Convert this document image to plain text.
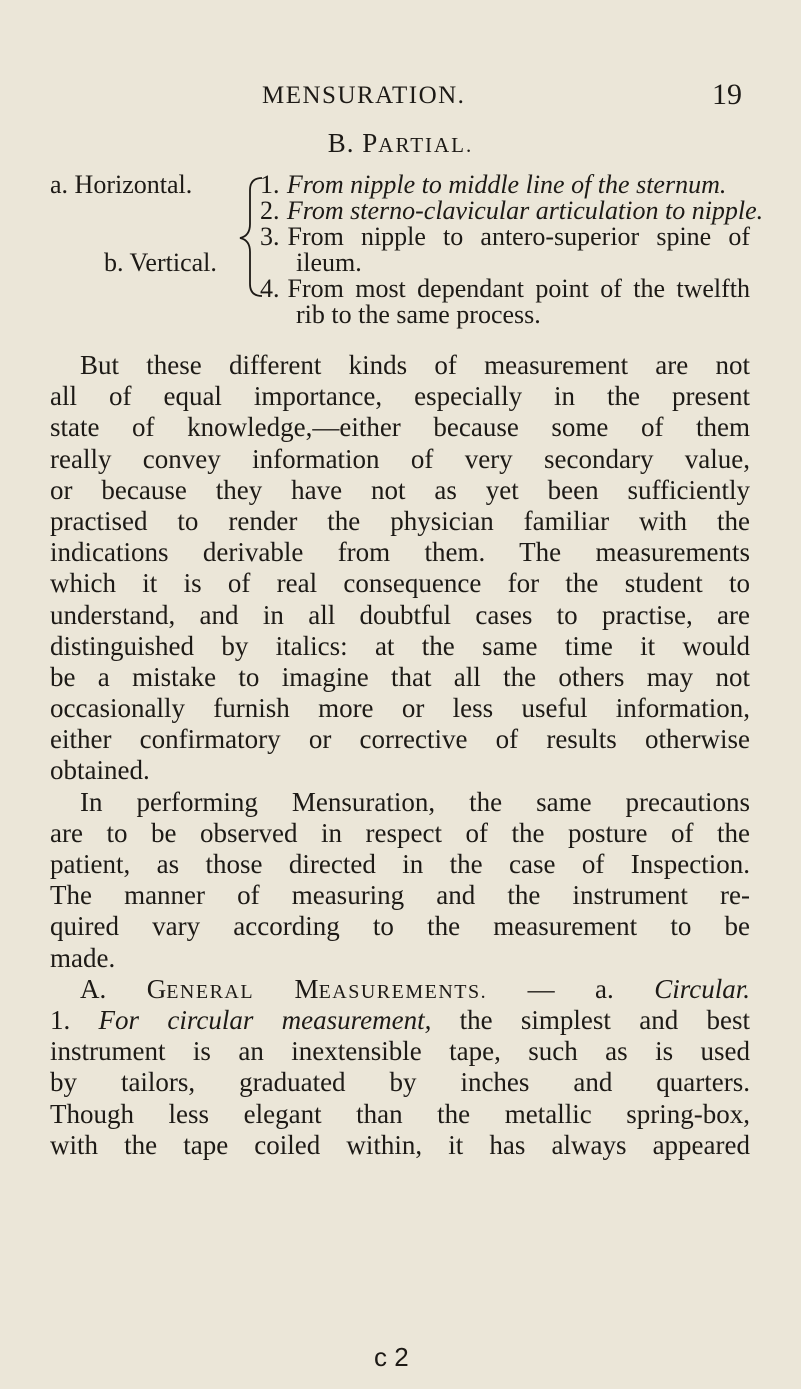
MENSURATION.	19
B. PARTIAL.
a. Horizontal.	1. From nipple to middle line of the sternum.
2. From sterno-clavicular articulation to nipple.
3. From nipple to antero-superior spine of
b. Vertical.	ileum.
4. From most dependant point of the twelfth
rib to the same process.
But these different kinds of measurement are not
all of equal importance, especially in the present
state of knowledge,—either because some of them
really convey information of very secondary value,
or because they have not as yet been sufficiently
practised to render the physician familiar with the
indications derivable from them. The measurements
which it is of real consequence for the student to
understand, and in all doubtful cases to practise, are
distinguished by italics: at the same time it would
be a mistake to imagine that all the others may not
occasionally furnish more or less useful information,
either confirmatory or corrective of results otherwise
obtained.
In performing Mensuration, the same precautions
are to be observed in respect of the posture of the
patient, as those directed in the case of Inspection.
The manner of measuring and the instrument re-
quired vary according to the measurement to be
made.
A. GENERAL MEASUREMENTS. — a. Circular.
1. For circular measurement, the simplest and best
instrument is an inextensible tape, such as is used
by tailors, graduated by inches and quarters.
Though less elegant than the metallic spring-box,
with the tape coiled within, it has always appeared
c 2
